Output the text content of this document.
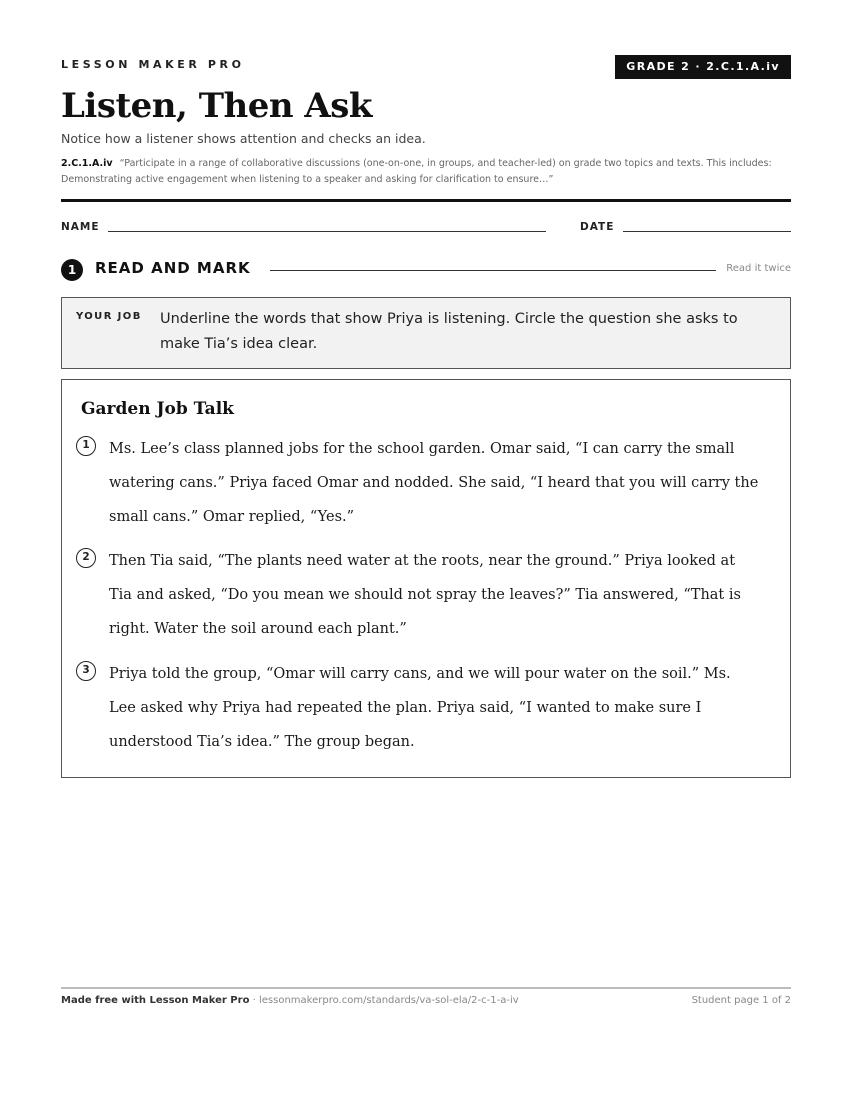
LESSON MAKER PRO	GRADE 2 · 2.C.1.A.iv
Listen, Then Ask
Notice how a listener shows attention and checks an idea.
2.C.1.A.iv “Participate in a range of collaborative discussions (one-on-one, in groups, and teacher-led) on grade two topics and texts. This includes: Demonstrating active engagement when listening to a speaker and asking for clarification to ensure…”
NAME	DATE
1	READ AND MARK	Read it twice
YOUR JOB Underline the words that show Priya is listening. Circle the question she asks to make Tia’s idea clear.
Garden Job Talk
1	Ms. Lee’s class planned jobs for the school garden. Omar said, “I can carry the small watering cans.” Priya faced Omar and nodded. She said, “I heard that you will carry the small cans.” Omar replied, “Yes.”
2	Then Tia said, “The plants need water at the roots, near the ground.” Priya looked at Tia and asked, “Do you mean we should not spray the leaves?” Tia answered, “That is right. Water the soil around each plant.”
3	Priya told the group, “Omar will carry cans, and we will pour water on the soil.” Ms. Lee asked why Priya had repeated the plan. Priya said, “I wanted to make sure I understood Tia’s idea.” The group began.
Made free with Lesson Maker Pro · lessonmakerpro.com/standards/va-sol-ela/2-c-1-a-iv	Student page 1 of 2
